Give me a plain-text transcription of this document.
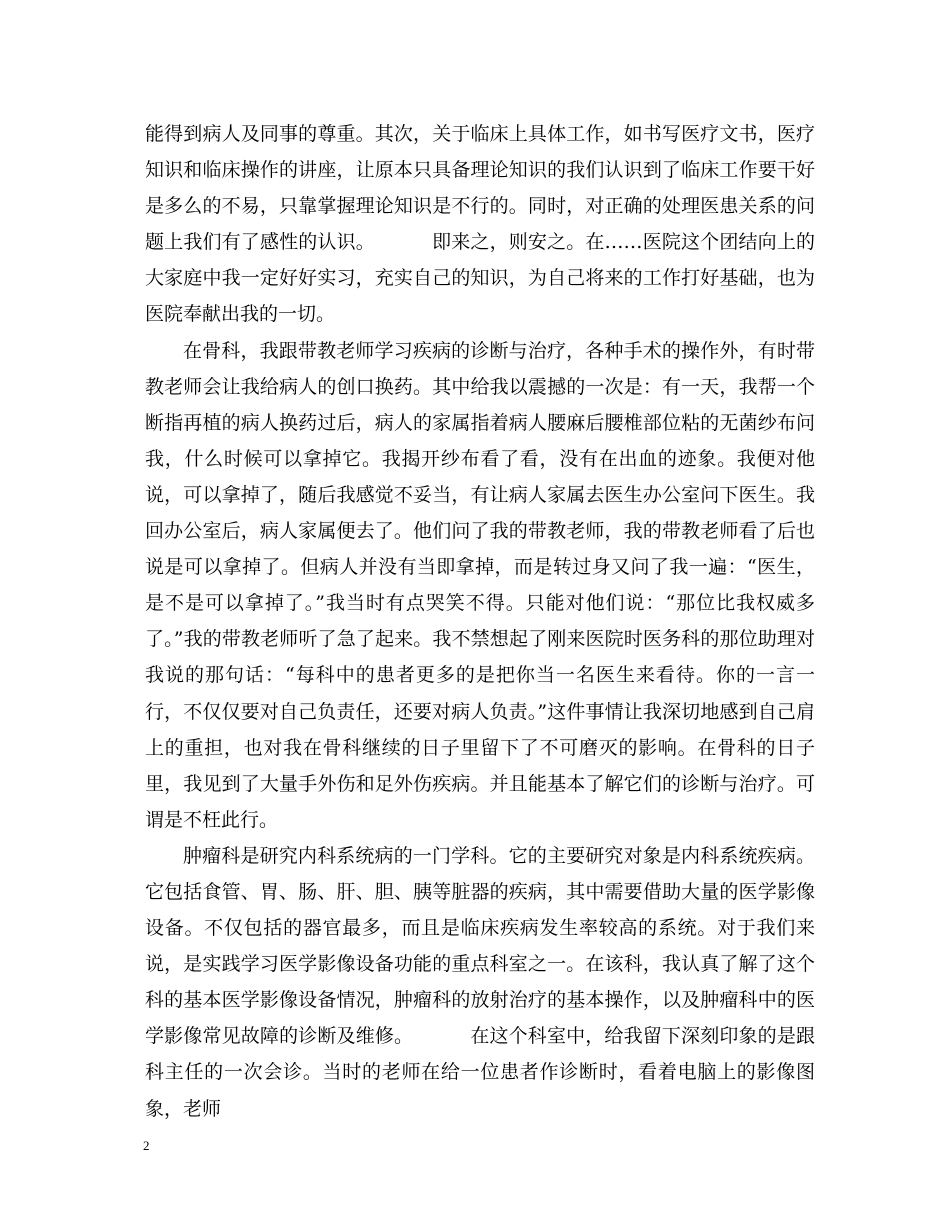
能得到病人及同事的尊重。其次，关于临床上具体工作，如书写医疗文书，医疗知识和临床操作的讲座，让原本只具备理论知识的我们认识到了临床工作要干好是多么的不易，只靠掌握理论知识是不行的。同时，对正确的处理医患关系的问题上我们有了感性的认识。	即来之，则安之。在……医院这个团结向上的大家庭中我一定好好实习，充实自己的知识，为自己将来的工作打好基础，也为医院奉献出我的一切。

在骨科，我跟带教老师学习疾病的诊断与治疗，各种手术的操作外，有时带教老师会让我给病人的创口换药。其中给我以震撼的一次是：有一天，我帮一个断指再植的病人换药过后，病人的家属指着病人腰麻后腰椎部位粘的无菌纱布问我，什么时候可以拿掉它。我揭开纱布看了看，没有在出血的迹象。我便对他说，可以拿掉了，随后我感觉不妥当，有让病人家属去医生办公室问下医生。我回办公室后，病人家属便去了。他们问了我的带教老师，我的带教老师看了后也说是可以拿掉了。但病人并没有当即拿掉，而是转过身又问了我一遍：“医生，是不是可以拿掉了。”我当时有点哭笑不得。只能对他们说：“那位比我权威多了。”我的带教老师听了急了起来。我不禁想起了刚来医院时医务科的那位助理对我说的那句话：“每科中的患者更多的是把你当一名医生来看待。你的一言一行，不仅仅要对自己负责任，还要对病人负责。”这件事情让我深切地感到自己肩上的重担，也对我在骨科继续的日子里留下了不可磨灭的影响。在骨科的日子里，我见到了大量手外伤和足外伤疾病。并且能基本了解它们的诊断与治疗。可谓是不枉此行。

肿瘤科是研究内科系统病的一门学科。它的主要研究对象是内科系统疾病。它包括食管、胃、肠、肝、胆、胰等脏器的疾病，其中需要借助大量的医学影像设备。不仅包括的器官最多，而且是临床疾病发生率较高的系统。对于我们来说，是实践学习医学影像设备功能的重点科室之一。在该科，我认真了解了这个科的基本医学影像设备情况，肿瘤科的放射治疗的基本操作，以及肿瘤科中的医学影像常见故障的诊断及维修。	在这个科室中，给我留下深刻印象的是跟科主任的一次会诊。当时的老师在给一位患者作诊断时，看着电脑上的影像图象，老师

2
